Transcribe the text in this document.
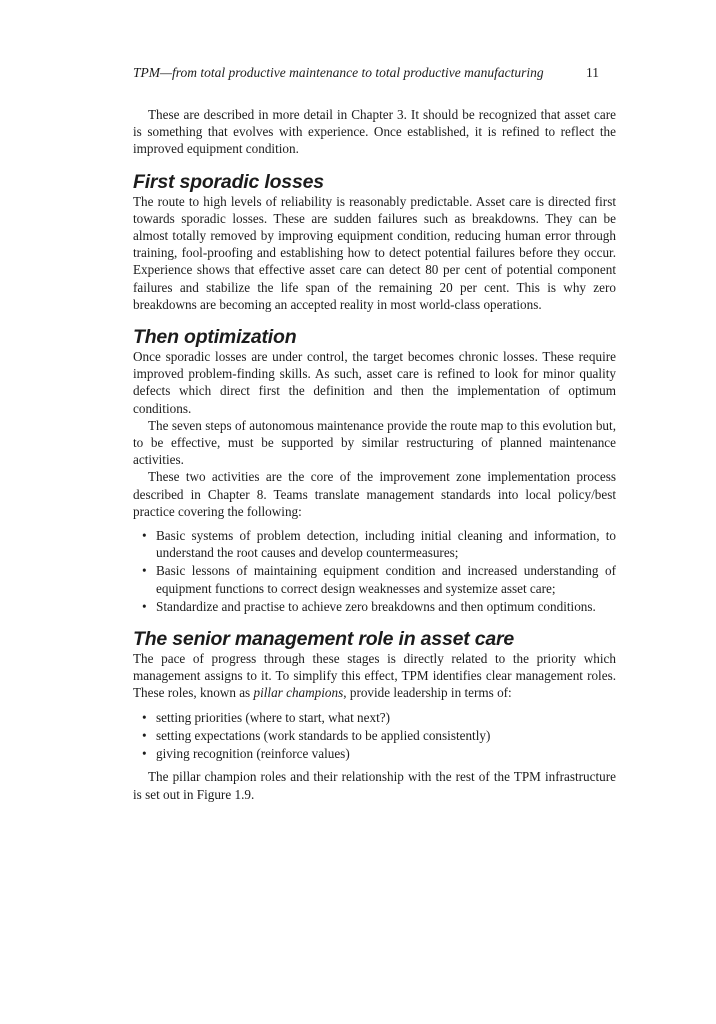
TPM—from total productive maintenance to total productive manufacturing	11

These are described in more detail in Chapter 3. It should be recognized that asset care is something that evolves with experience. Once established, it is refined to reflect the improved equipment condition.

First sporadic losses

The route to high levels of reliability is reasonably predictable. Asset care is directed first towards sporadic losses. These are sudden failures such as breakdowns. They can be almost totally removed by improving equipment condition, reducing human error through training, fool-proofing and establishing how to detect potential failures before they occur. Experience shows that effective asset care can detect 80 per cent of potential component failures and stabilize the life span of the remaining 20 per cent. This is why zero breakdowns are becoming an accepted reality in most world-class operations.

Then optimization

Once sporadic losses are under control, the target becomes chronic losses. These require improved problem-finding skills. As such, asset care is refined to look for minor quality defects which direct first the definition and then the implementation of optimum conditions.

The seven steps of autonomous maintenance provide the route map to this evolution but, to be effective, must be supported by similar restructuring of planned maintenance activities.

These two activities are the core of the improvement zone implementation process described in Chapter 8. Teams translate management standards into local policy/best practice covering the following:

• Basic systems of problem detection, including initial cleaning and information, to understand the root causes and develop countermeasures;
• Basic lessons of maintaining equipment condition and increased understanding of equipment functions to correct design weaknesses and systemize asset care;
• Standardize and practise to achieve zero breakdowns and then optimum conditions.
The senior management role in asset care

The pace of progress through these stages is directly related to the priority which management assigns to it. To simplify this effect, TPM identifies clear management roles. These roles, known as pillar champions, provide leadership in terms of:

• setting priorities (where to start, what next?)
• setting expectations (work standards to be applied consistently)
• giving recognition (reinforce values)

The pillar champion roles and their relationship with the rest of the TPM infrastructure is set out in Figure 1.9.
